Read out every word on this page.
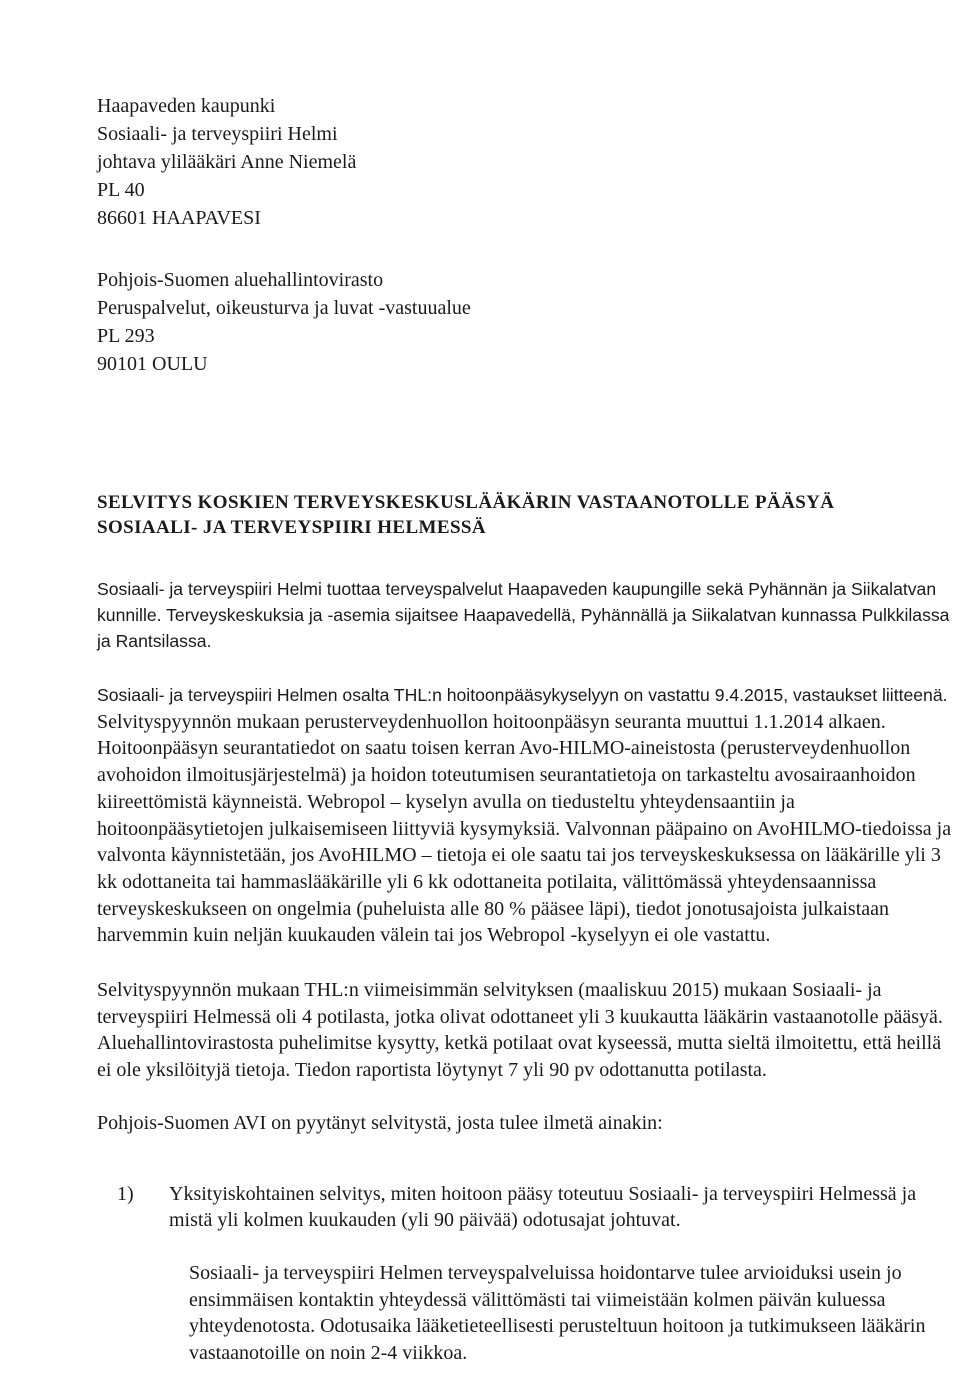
Haapaveden kaupunki
Sosiaali- ja terveyspiiri Helmi
johtava ylilääkäri Anne Niemelä
PL 40
86601 HAAPAVESI
Pohjois-Suomen aluehallintovirasto
Peruspalvelut, oikeusturva ja luvat -vastuualue
PL 293
90101 OULU
SELVITYS KOSKIEN TERVEYSKESKUSLÄÄKÄRIN VASTAANOTOLLE PÄÄSYÄ
SOSIAALI- JA TERVEYSPIIRI HELMESSÄ
Sosiaali- ja terveyspiiri Helmi tuottaa terveyspalvelut Haapaveden kaupungille sekä Pyhännän ja Siikalatvan kunnille. Terveyskeskuksia ja -asemia sijaitsee Haapavedellä, Pyhännällä ja Siikalatvan kunnassa Pulkkilassa ja Rantsilassa.
Sosiaali- ja terveyspiiri Helmen osalta THL:n hoitoonpääsykyselyyn on vastattu 9.4.2015, vastaukset liitteenä. Selvityspyynnön mukaan perusterveydenhuollon hoitoonpääsyn seuranta muuttui 1.1.2014 alkaen. Hoitoonpääsyn seurantatiedot on saatu toisen kerran Avo-HILMO-aineistosta (perusterveydenhuollon avohoidon ilmoitusjärjestelmä) ja hoidon toteutumisen seurantatietoja on tarkasteltu avosairaanhoidon kiireettömistä käynneistä. Webropol – kyselyn avulla on tiedusteltu yhteydensaantiin ja hoitoonpääsytietojen julkaisemiseen liittyviä kysymyksiä. Valvonnan pääpaino on AvoHILMO-tiedoissa ja valvonta käynnistetään, jos AvoHILMO – tietoja ei ole saatu tai jos terveyskeskuksessa on lääkärille yli 3 kk odottaneita tai hammaslääkärille yli 6 kk odottaneita potilaita, välittömässä yhteydensaannissa terveyskeskukseen on ongelmia (puheluista alle 80 % pääsee läpi), tiedot jonotusajoista julkaistaan harvemmin kuin neljän kuukauden välein tai jos Webropol -kyselyyn ei ole vastattu.
Selvityspyynnön mukaan THL:n viimeisimmän selvityksen (maaliskuu 2015) mukaan Sosiaali- ja terveyspiiri Helmessä oli 4 potilasta, jotka olivat odottaneet yli 3 kuukautta lääkärin vastaanotolle pääsyä. Aluehallintovirastosta puhelimitse kysytty, ketkä potilaat ovat kyseessä, mutta sieltä ilmoitettu, että heillä ei ole yksilöityjä tietoja. Tiedon raportista löytynyt 7 yli 90 pv odottanutta potilasta.
Pohjois-Suomen AVI on pyytänyt selvitystä, josta tulee ilmetä ainakin:
1)	Yksityiskohtainen selvitys, miten hoitoon pääsy toteutuu Sosiaali- ja terveyspiiri Helmessä ja mistä yli kolmen kuukauden (yli 90 päivää) odotusajat johtuvat.
Sosiaali- ja terveyspiiri Helmen terveyspalveluissa hoidontarve tulee arvioiduksi usein jo ensimmäisen kontaktin yhteydessä välittömästi tai viimeistään kolmen päivän kuluessa yhteydenotosta. Odotusaika lääketieteellisesti perusteltuun hoitoon ja tutkimukseen lääkärin vastaanotoille on noin 2-4 viikkoa.
